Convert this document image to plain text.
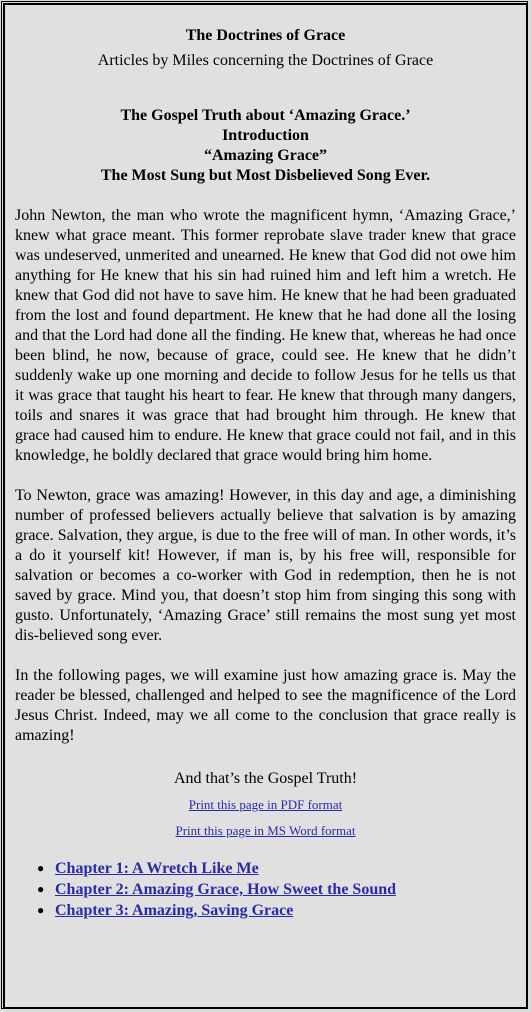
The Doctrines of Grace
Articles by Miles concerning the Doctrines of Grace
The Gospel Truth about ‘Amazing Grace.’
Introduction
“Amazing Grace”
The Most Sung but Most Disbelieved Song Ever.

John Newton, the man who wrote the magnificent hymn, ‘Amazing Grace,’ knew what grace meant. This former reprobate slave trader knew that grace was undeserved, unmerited and unearned. He knew that God did not owe him anything for He knew that his sin had ruined him and left him a wretch. He knew that God did not have to save him. He knew that he had been graduated from the lost and found department. He knew that he had done all the losing and that the Lord had done all the finding. He knew that, whereas he had once been blind, he now, because of grace, could see. He knew that he didn’t suddenly wake up one morning and decide to follow Jesus for he tells us that it was grace that taught his heart to fear. He knew that through many dangers, toils and snares it was grace that had brought him through. He knew that grace had caused him to endure. He knew that grace could not fail, and in this knowledge, he boldly declared that grace would bring him home.

To Newton, grace was amazing! However, in this day and age, a diminishing number of professed believers actually believe that salvation is by amazing grace. Salvation, they argue, is due to the free will of man. In other words, it’s a do it yourself kit! However, if man is, by his free will, responsible for salvation or becomes a co-worker with God in redemption, then he is not saved by grace. Mind you, that doesn’t stop him from singing this song with gusto. Unfortunately, ‘Amazing Grace’ still remains the most sung yet most dis-believed song ever.

In the following pages, we will examine just how amazing grace is. May the reader be blessed, challenged and helped to see the magnificence of the Lord Jesus Christ. Indeed, may we all come to the conclusion that grace really is amazing!

And that’s the Gospel Truth!
Print this page in PDF format
Print this page in MS Word format
● Chapter 1: A Wretch Like Me
● Chapter 2: Amazing Grace, How Sweet the Sound
● Chapter 3: Amazing, Saving Grace
